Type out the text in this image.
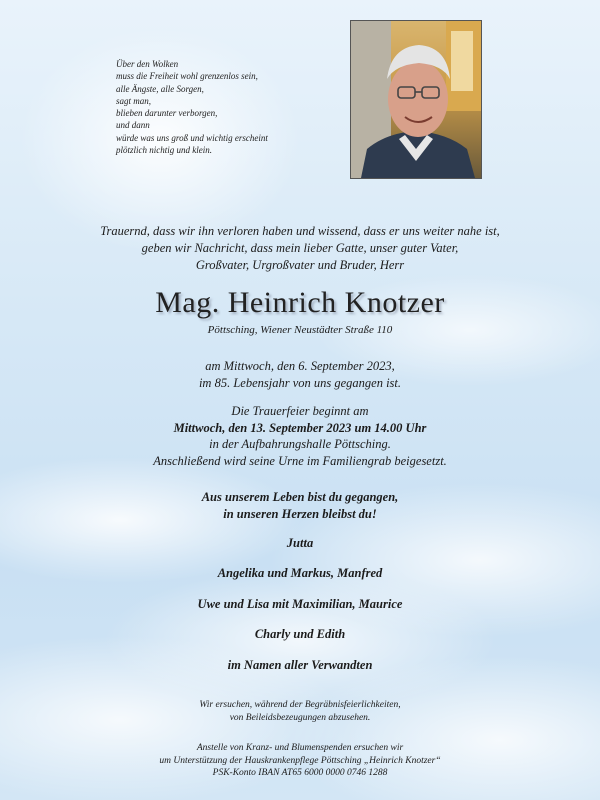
Über den Wolken
muss die Freiheit wohl grenzenlos sein,
alle Ängste, alle Sorgen,
sagt man,
blieben darunter verborgen,
und dann
würde was uns groß und wichtig erscheint
plötzlich nichtig und klein.
Trauernd, dass wir ihn verloren haben und wissend, dass er uns weiter nahe ist,
geben wir Nachricht, dass mein lieber Gatte, unser guter Vater,
Großvater, Urgroßvater und Bruder, Herr
Mag. Heinrich Knotzer
Pöttsching, Wiener Neustädter Straße 110
am Mittwoch, den 6. September 2023,
im 85. Lebensjahr von uns gegangen ist.
Die Trauerfeier beginnt am
Mittwoch, den 13. September 2023 um 14.00 Uhr
in der Aufbahrungshalle Pöttsching.
Anschließend wird seine Urne im Familiengrab beigesetzt.
Aus unserem Leben bist du gegangen,
in unseren Herzen bleibst du!
Jutta
Angelika und Markus, Manfred
Uwe und Lisa mit Maximilian, Maurice
Charly und Edith
im Namen aller Verwandten
Wir ersuchen, während der Begräbnisfeierlichkeiten,
von Beileidsbezeugungen abzusehen.
Anstelle von Kranz- und Blumenspenden ersuchen wir
um Unterstützung der Hauskrankenpflege Pöttsching „Heinrich Knotzer“
PSK-Konto IBAN AT65 6000 0000 0746 1288
